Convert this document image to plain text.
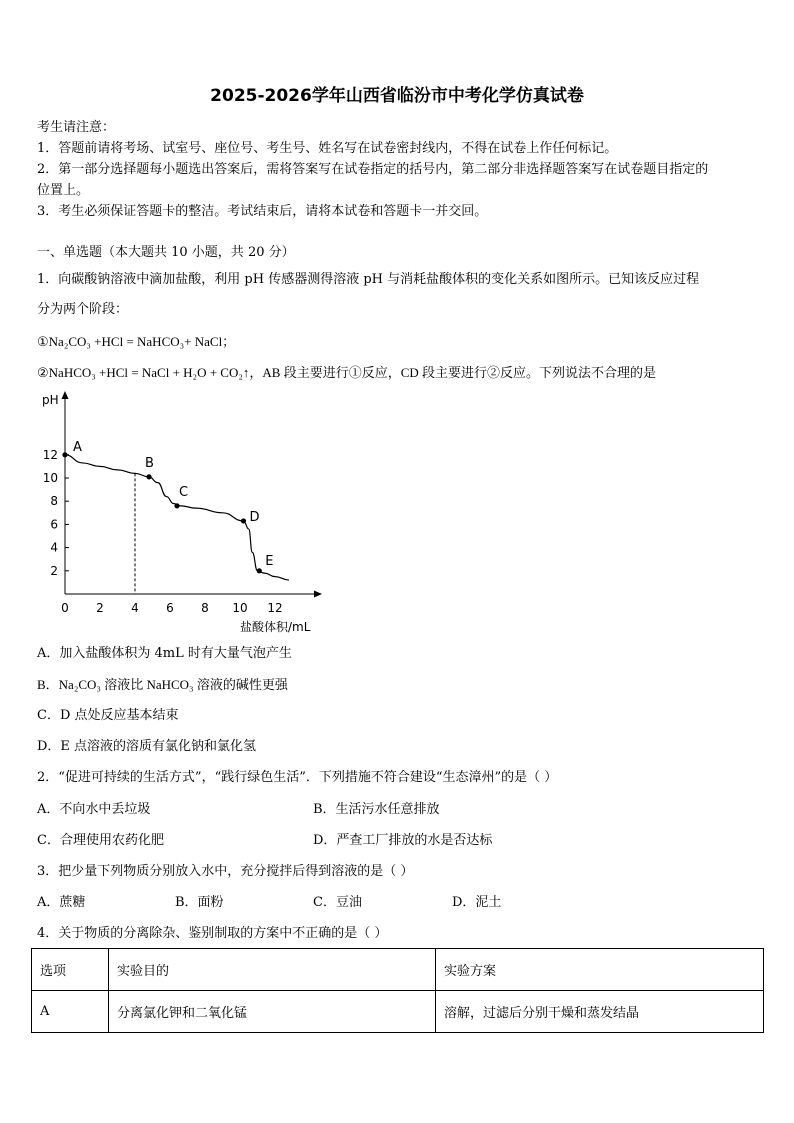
2025-2026学年山西省临汾市中考化学仿真试卷
考生请注意：
1．答题前请将考场、试室号、座位号、考生号、姓名写在试卷密封线内，不得在试卷上作任何标记。
2．第一部分选择题每小题选出答案后，需将答案写在试卷指定的括号内，第二部分非选择题答案写在试卷题目指定的
位置上。
3．考生必须保证答题卡的整洁。考试结束后，请将本试卷和答题卡一并交回。
一、单选题（本大题共 10 小题，共 20 分）
1．向碳酸钠溶液中滴加盐酸，利用 pH 传感器测得溶液 pH 与消耗盐酸体积的变化关系如图所示。已知该反应过程
分为两个阶段：
①Na₂CO₃ +HCl = NaHCO₃+ NaCl；
②NaHCO₃ +HCl = NaCl + H₂O + CO₂↑，AB 段主要进行①反应，CD 段主要进行②反应。下列说法不合理的是
pH
盐酸体积/mL
0 2 4 6 8 10 12
2
4
6
8
10
12 A
B
C
D
E
A．加入盐酸体积为 4mL 时有大量气泡产生
B．Na₂CO₃ 溶液比 NaHCO₃ 溶液的碱性更强
C．D 点处反应基本结束
D．E 点溶液的溶质有氯化钠和氯化氢
2．“促进可持续的生活方式”，“践行绿色生活”．下列措施不符合建设“生态漳州”的是（ ）
A．不向水中丢垃圾	B．生活污水任意排放
C．合理使用农药化肥	D．严查工厂排放的水是否达标
3．把少量下列物质分别放入水中，充分搅拌后得到溶液的是（ ）
A．蔗糖	B．面粉	C．豆油	D．泥土
4．关于物质的分离除杂、鉴别制取的方案中不正确的是（ ）
选项	实验目的	实验方案
A	分离氯化钾和二氧化锰	溶解，过滤后分别干燥和蒸发结晶
